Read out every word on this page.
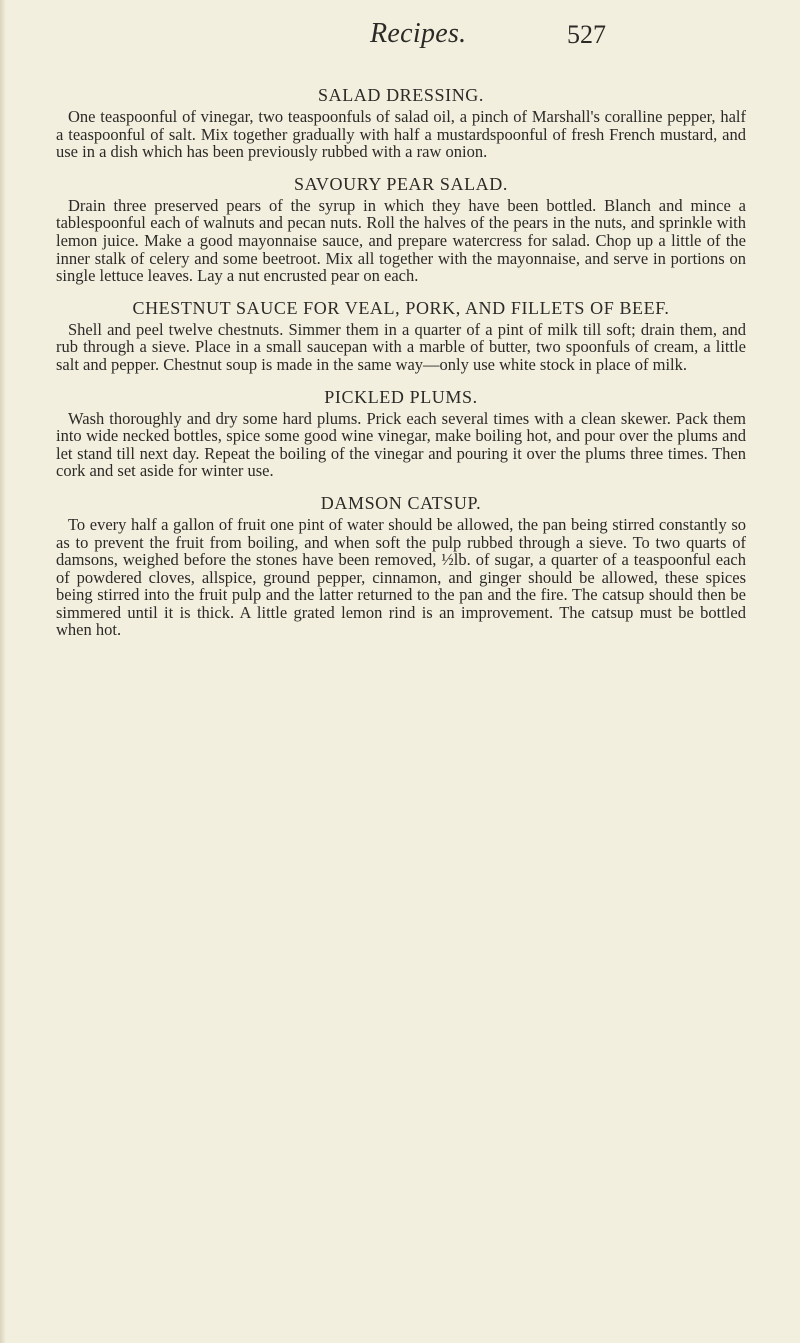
Recipes.	527
SALAD DRESSING.

One teaspoonful of vinegar, two teaspoonfuls of salad oil, a pinch of Marshall's coralline pepper, half a teaspoonful of salt. Mix together gradually with half a mustardspoonful of fresh French mustard, and use in a dish which has been previously rubbed with a raw onion.

SAVOURY PEAR SALAD.

Drain three preserved pears of the syrup in which they have been bottled. Blanch and mince a tablespoonful each of walnuts and pecan nuts. Roll the halves of the pears in the nuts, and sprinkle with lemon juice. Make a good mayonnaise sauce, and prepare watercress for salad. Chop up a little of the inner stalk of celery and some beetroot. Mix all together with the mayonnaise, and serve in portions on single lettuce leaves. Lay a nut encrusted pear on each.

CHESTNUT SAUCE FOR VEAL, PORK, AND FILLETS OF BEEF.

Shell and peel twelve chestnuts. Simmer them in a quarter of a pint of milk till soft; drain them, and rub through a sieve. Place in a small saucepan with a marble of butter, two spoonfuls of cream, a little salt and pepper. Chestnut soup is made in the same way—only use white stock in place of milk.

PICKLED PLUMS.

Wash thoroughly and dry some hard plums. Prick each several times with a clean skewer. Pack them into wide necked bottles, spice some good wine vinegar, make boiling hot, and pour over the plums and let stand till next day. Repeat the boiling of the vinegar and pouring it over the plums three times. Then cork and set aside for winter use.

DAMSON CATSUP.

To every half a gallon of fruit one pint of water should be allowed, the pan being stirred constantly so as to prevent the fruit from boiling, and when soft the pulp rubbed through a sieve. To two quarts of damsons, weighed before the stones have been removed, ½lb. of sugar, a quarter of a teaspoonful each of powdered cloves, allspice, ground pepper, cinnamon, and ginger should be allowed, these spices being stirred into the fruit pulp and the latter returned to the pan and the fire. The catsup should then be simmered until it is thick. A little grated lemon rind is an improvement. The catsup must be bottled when hot.
